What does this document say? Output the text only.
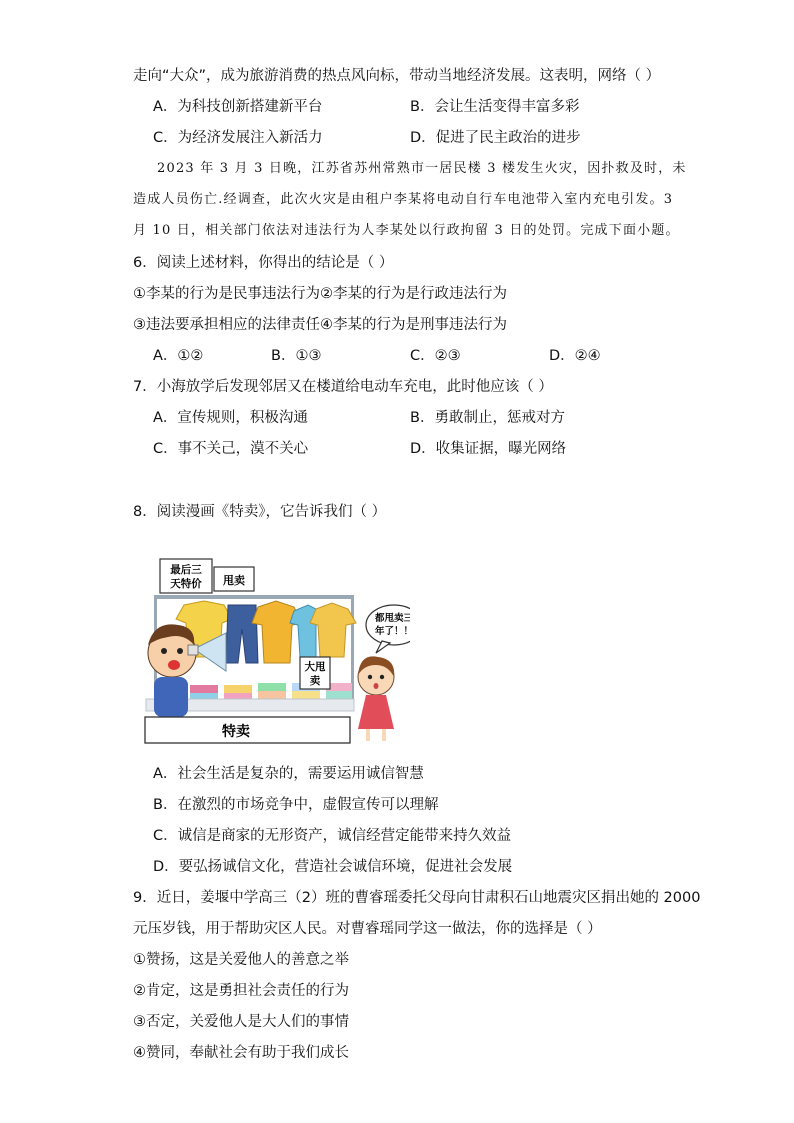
走向“大众”，成为旅游消费的热点风向标，带动当地经济发展。这表明，网络（ ）
A．为科技创新搭建新平台	B．会让生活变得丰富多彩
C．为经济发展注入新活力	D．促进了民主政治的进步
2023 年 3 月 3 日晚，江苏省苏州常熟市一居民楼 3 楼发生火灾，因扑救及时，未
造成人员伤亡.经调查，此次火灾是由租户李某将电动自行车电池带入室内充电引发。3
月 10 日，相关部门依法对违法行为人李某处以行政拘留 3 日的处罚。完成下面小题。
6．阅读上述材料，你得出的结论是（ ）
①李某的行为是民事违法行为②李某的行为是行政违法行为
③违法要承担相应的法律责任④李某的行为是刑事违法行为
A．①②	B．①③	C．②③	D．②④
7．小海放学后发现邻居又在楼道给电动车充电，此时他应该（ ）
A．宣传规则，积极沟通	B．勇敢制止，惩戒对方
C．事不关己，漠不关心	D．收集证据，曝光网络
8．阅读漫画《特卖》，它告诉我们（ ）
最后三
天特价 甩卖
大甩
卖
都甩卖三
年了！！
特卖
A．社会生活是复杂的，需要运用诚信智慧
B．在激烈的市场竞争中，虚假宣传可以理解
C．诚信是商家的无形资产，诚信经营定能带来持久效益
D．要弘扬诚信文化，营造社会诚信环境，促进社会发展
9．近日，姜堰中学高三（2）班的曹睿瑶委托父母向甘肃积石山地震灾区捐出她的 2000
元压岁钱，用于帮助灾区人民。对曹睿瑶同学这一做法，你的选择是（ ）
①赞扬，这是关爱他人的善意之举
②肯定，这是勇担社会责任的行为
③否定，关爱他人是大人们的事情
④赞同，奉献社会有助于我们成长
